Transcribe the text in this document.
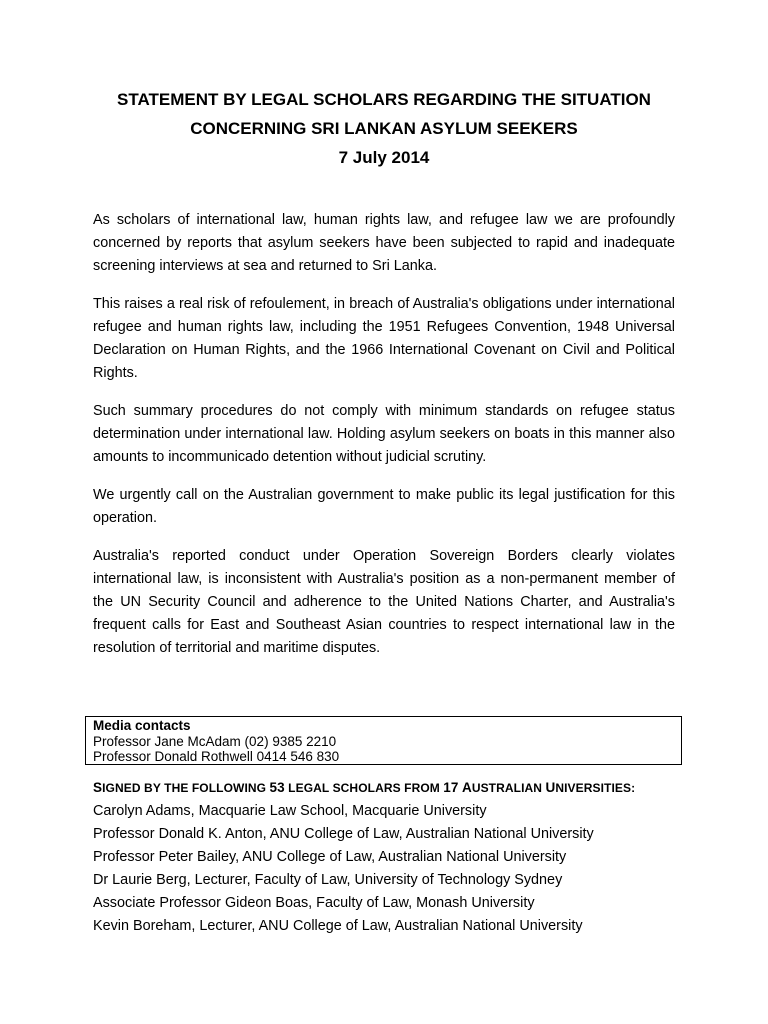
STATEMENT BY LEGAL SCHOLARS REGARDING THE SITUATION
CONCERNING SRI LANKAN ASYLUM SEEKERS
7 July 2014

As scholars of international law, human rights law, and refugee law we are profoundly concerned by reports that asylum seekers have been subjected to rapid and inadequate screening interviews at sea and returned to Sri Lanka.

This raises a real risk of refoulement, in breach of Australia's obligations under international refugee and human rights law, including the 1951 Refugees Convention, 1948 Universal Declaration on Human Rights, and the 1966 International Covenant on Civil and Political Rights.

Such summary procedures do not comply with minimum standards on refugee status determination under international law. Holding asylum seekers on boats in this manner also amounts to incommunicado detention without judicial scrutiny.

We urgently call on the Australian government to make public its legal justification for this operation.

Australia's reported conduct under Operation Sovereign Borders clearly violates international law, is inconsistent with Australia's position as a non-permanent member of the UN Security Council and adherence to the United Nations Charter, and Australia's frequent calls for East and Southeast Asian countries to respect international law in the resolution of territorial and maritime disputes.

Media contacts
Professor Jane McAdam (02) 9385 2210
Professor Donald Rothwell 0414 546 830
SIGNED BY THE FOLLOWING 53 LEGAL SCHOLARS FROM 17 AUSTRALIAN UNIVERSITIES:
Carolyn Adams, Macquarie Law School, Macquarie University
Professor Donald K. Anton, ANU College of Law, Australian National University
Professor Peter Bailey, ANU College of Law, Australian National University
Dr Laurie Berg, Lecturer, Faculty of Law, University of Technology Sydney
Associate Professor Gideon Boas, Faculty of Law, Monash University
Kevin Boreham, Lecturer, ANU College of Law, Australian National University
